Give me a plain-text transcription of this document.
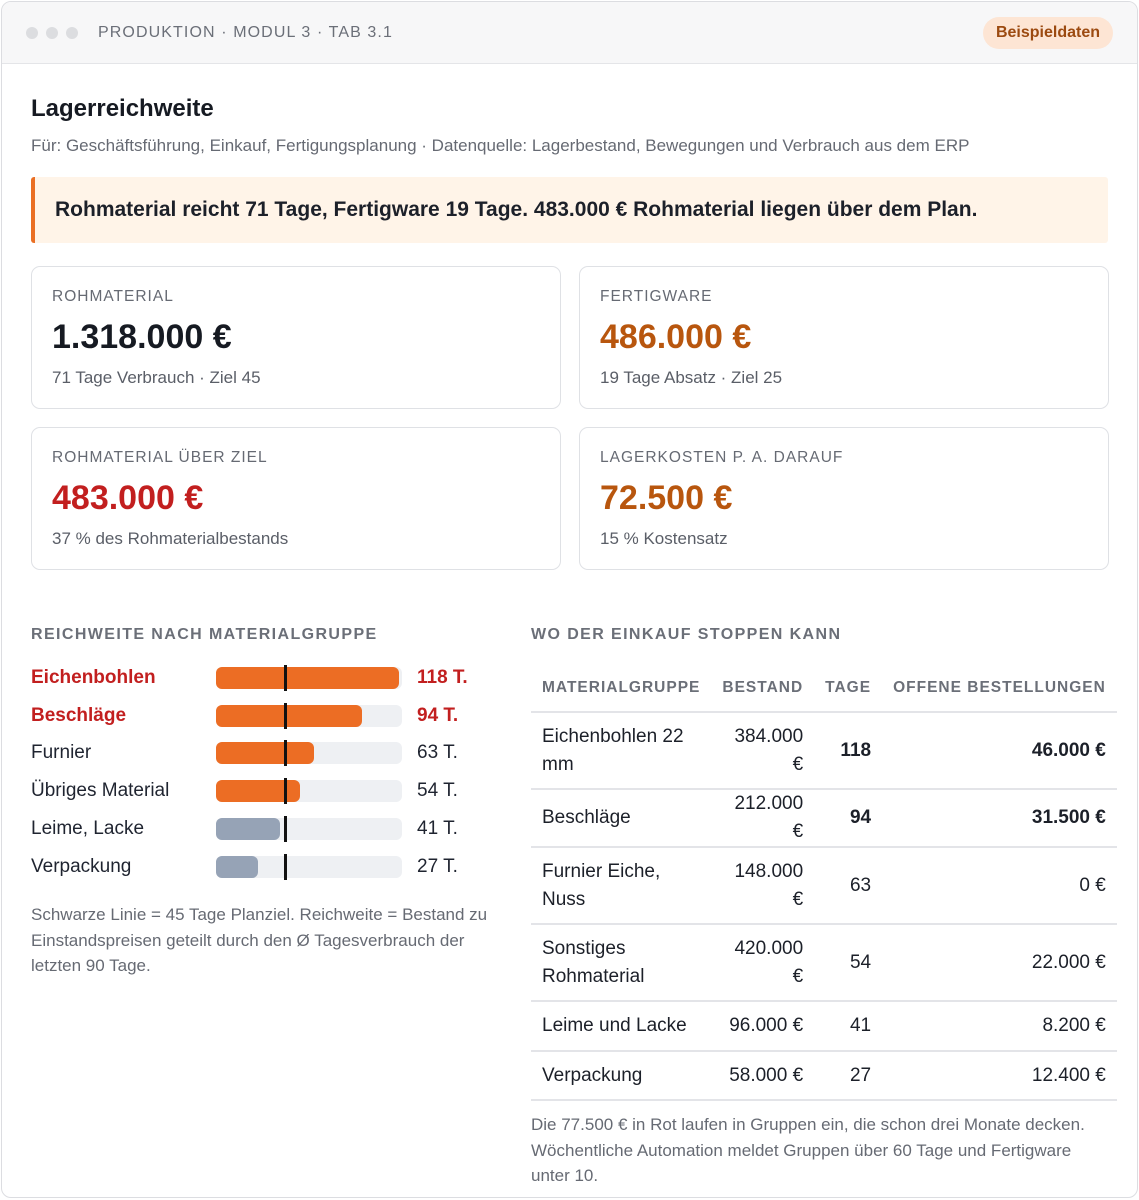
PRODUKTION · MODUL 3 · TAB 3.1	Beispieldaten
Lagerreichweite

Für: Geschäftsführung, Einkauf, Fertigungsplanung · Datenquelle: Lagerbestand, Bewegungen und Verbrauch aus dem ERP

Rohmaterial reicht 71 Tage, Fertigware 19 Tage. 483.000 € Rohmaterial liegen über dem Plan.
ROHMATERIAL
1.318.000 €
71 Tage Verbrauch · Ziel 45
FERTIGWARE
486.000 €
19 Tage Absatz · Ziel 25
ROHMATERIAL ÜBER ZIEL
483.000 €
37 % des Rohmaterialbestands
LAGERKOSTEN P. A. DARAUF
72.500 €
15 % Kostensatz
REICHWEITE NACH MATERIALGRUPPE
Eichenbohlen	118 T.
Beschläge	94 T.
Furnier	63 T.
Übriges Material	54 T.
Leime, Lacke	41 T.
Verpackung	27 T.

Schwarze Linie = 45 Tage Planziel. Reichweite = Bestand zu Einstandspreisen geteilt durch den Ø Tagesverbrauch der letzten 90 Tage.

WO DER EINKAUF STOPPEN KANN
MATERIALGRUPPE	BESTAND	TAGE	OFFENE BESTELLUNGEN
Eichenbohlen 22 mm	384.000 €	118	46.000 €
Beschläge	212.000 €	94	31.500 €
Furnier Eiche, Nuss	148.000 €	63	0 €
Sonstiges Rohmaterial	420.000 €	54	22.000 €
Leime und Lacke	96.000 €	41	8.200 €
Verpackung	58.000 €	27	12.400 €

Die 77.500 € in Rot laufen in Gruppen ein, die schon drei Monate decken. Wöchentliche Automation meldet Gruppen über 60 Tage und Fertigware unter 10.
